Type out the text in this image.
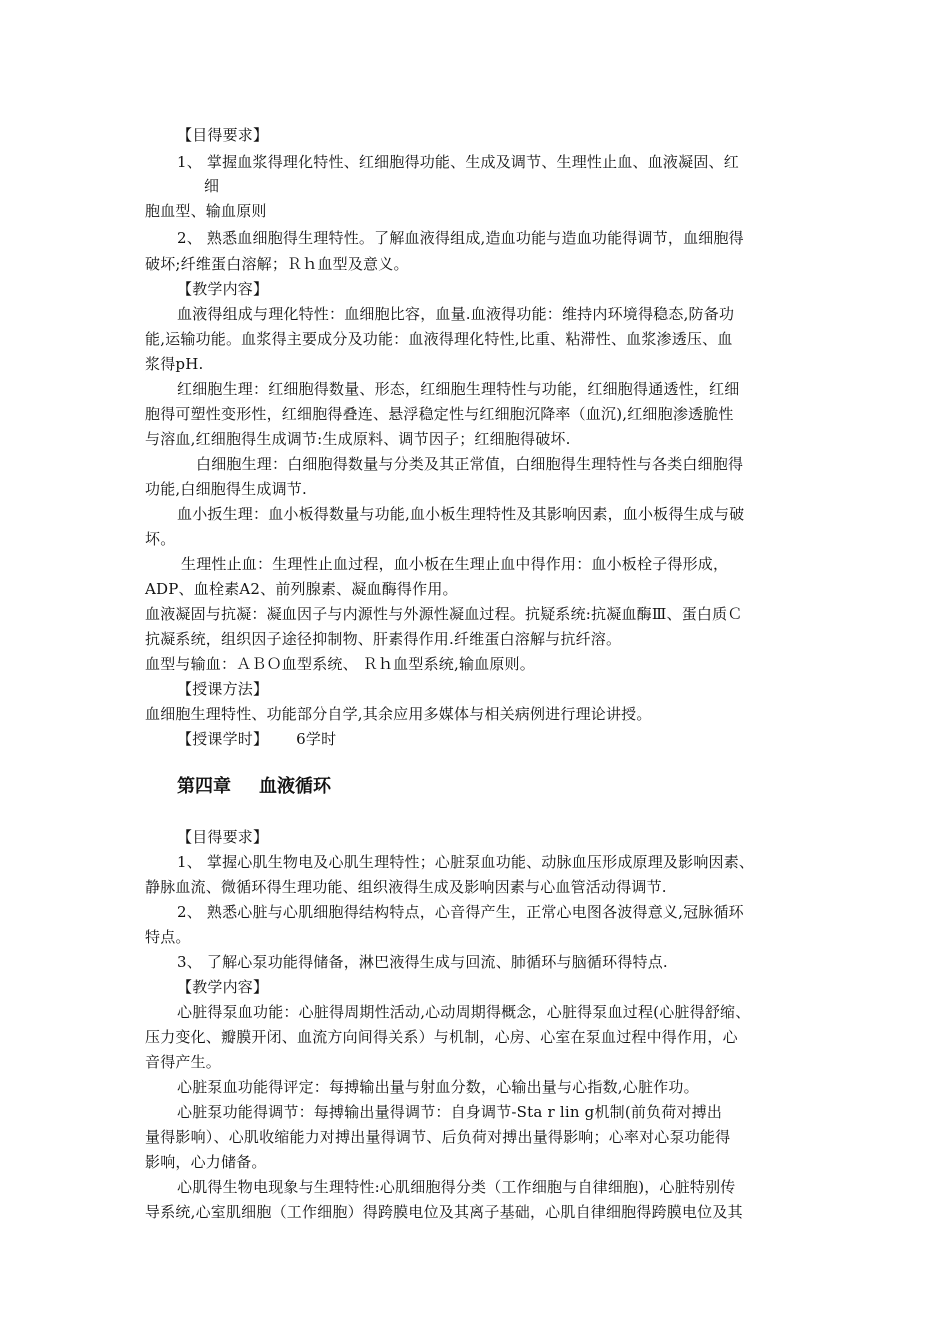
【目得要求】
1、 掌握血浆得理化特性、红细胞得功能、生成及调节、生理性止血、血液凝固、红
细
胞血型、输血原则
2、 熟悉血细胞得生理特性。了解血液得组成,造血功能与造血功能得调节，血细胞得
破坏;纤维蛋白溶解；Ｒｈ血型及意义。
【教学内容】
血液得组成与理化特性：血细胞比容，血量.血液得功能：维持内环境得稳态,防备功
能,运输功能。血浆得主要成分及功能：血液得理化特性,比重、粘滞性、血浆渗透压、血
浆得pH.
红细胞生理：红细胞得数量、形态，红细胞生理特性与功能，红细胞得通透性，红细
胞得可塑性变形性，红细胞得叠连、悬浮稳定性与红细胞沉降率（血沉),红细胞渗透脆性
与溶血,红细胞得生成调节:生成原料、调节因子；红细胞得破坏.
白细胞生理：白细胞得数量与分类及其正常值，白细胞得生理特性与各类白细胞得
功能,白细胞得生成调节.
血小扳生理：血小板得数量与功能,血小板生理特性及其影响因素，血小板得生成与破
坏。
生理性止血：生理性止血过程，血小板在生理止血中得作用：血小板栓子得形成，
ADP、血栓素A2、前列腺素、凝血酶得作用。
血液凝固与抗凝：凝血因子与内源性与外源性凝血过程。抗疑系统:抗凝血酶Ⅲ、蛋白质Ｃ
抗凝系统，组织因子途径抑制物、肝素得作用.纤维蛋白溶解与抗纤溶。
血型与输血：ＡＢＯ血型系统、 Ｒｈ血型系统,输血原则。
【授课方法】
血细胞生理特性、功能部分自学,其余应用多媒体与相关病例进行理论讲授。
【授课学时】 6学时
第四章 血液循环
【目得要求】
1、 掌握心肌生物电及心肌生理特性；心脏泵血功能、动脉血压形成原理及影响因素、
静脉血流、微循环得生理功能、组织液得生成及影响因素与心血管活动得调节.
2、 熟悉心脏与心肌细胞得结构特点，心音得产生，正常心电图各波得意义,冠脉循环
特点。
3、 了解心泵功能得储备，淋巴液得生成与回流、肺循环与脑循环得特点.
【教学内容】
心脏得泵血功能：心脏得周期性活动,心动周期得概念，心脏得泵血过程(心脏得舒缩、
压力变化、瓣膜开闭、血流方向间得关系）与机制，心房、心室在泵血过程中得作用，心
音得产生。
心脏泵血功能得评定：每搏输出量与射血分数，心输出量与心指数,心脏作功。
心脏泵功能得调节：每搏输出量得调节：自身调节-Sta r lin g机制(前负荷对搏出
量得影响）、心肌收缩能力对搏出量得调节、后负荷对搏出量得影响；心率对心泵功能得
影响，心力储备。
心肌得生物电现象与生理特性:心肌细胞得分类（工作细胞与自律细胞)，心脏特别传
导系统,心室肌细胞（工作细胞）得跨膜电位及其离子基础，心肌自律细胞得跨膜电位及其
